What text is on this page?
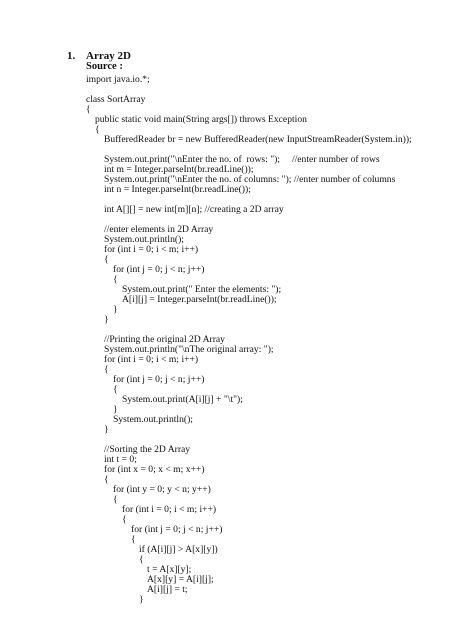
1. Array 2D
Source :
import java.io.*;
class SortArray
{
public static void main(String args[]) throws Exception
{
BufferedReader br = new BufferedReader(new InputStreamReader(System.in));
System.out.print("\nEnter the no. of  rows: ");     //enter number of rows
int m = Integer.parseInt(br.readLine());
System.out.print("\nEnter the no. of columns: "); //enter number of columns
int n = Integer.parseInt(br.readLine());
int A[][] = new int[m][n]; //creating a 2D array
//enter elements in 2D Array
System.out.println();
for (int i = 0; i < m; i++)
{
for (int j = 0; j < n; j++)
{
System.out.print(" Enter the elements: ");
A[i][j] = Integer.parseInt(br.readLine());
}
}
//Printing the original 2D Array
System.out.println("\nThe original array: ");
for (int i = 0; i < m; i++)
{
for (int j = 0; j < n; j++)
{
System.out.print(A[i][j] + "\t");
}
System.out.println();
}
//Sorting the 2D Array
int t = 0;
for (int x = 0; x < m; x++)
{
for (int y = 0; y < n; y++)
{
for (int i = 0; i < m; i++)
{
for (int j = 0; j < n; j++)
{
if (A[i][j] > A[x][y])
{
t = A[x][y];
A[x][y] = A[i][j];
A[i][j] = t;
}
